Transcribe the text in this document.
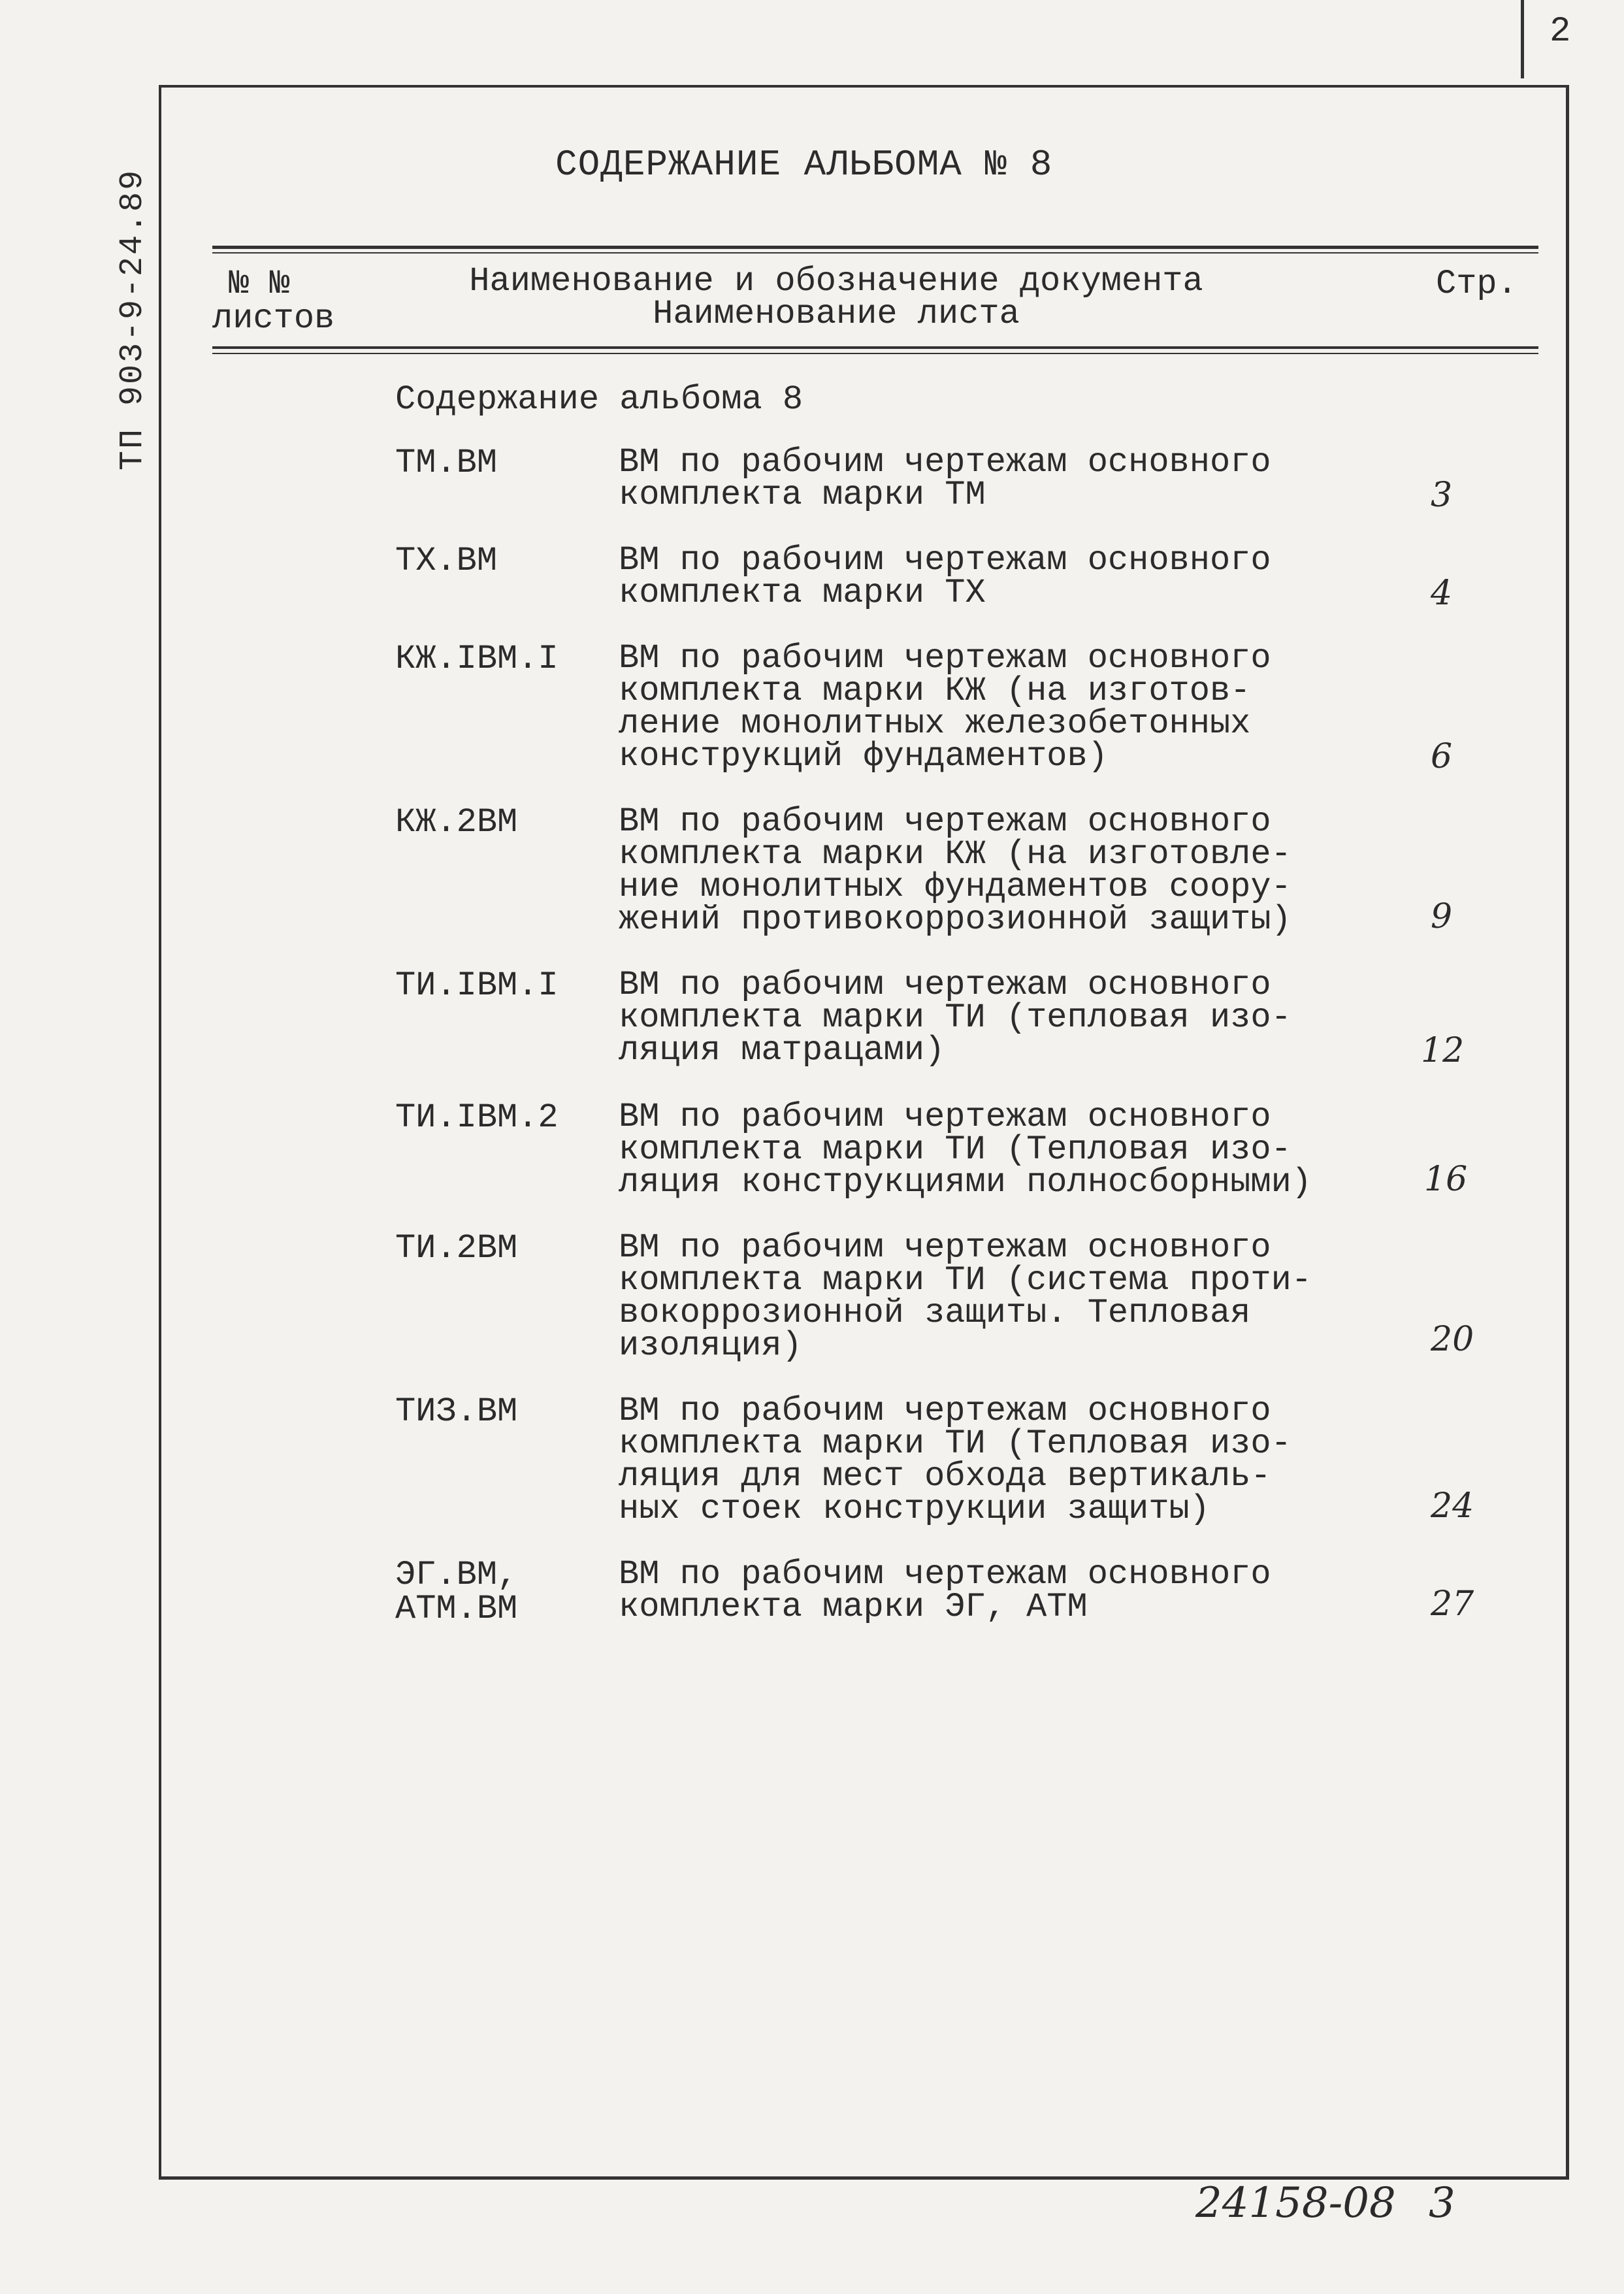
2
ТП 903-9-24.89
СОДЕРЖАНИЕ АЛЬБОМА № 8
№ №
листов
Наименование и обозначение документа
Наименование листа
Стр.
Содержание альбома 8
ТМ.ВМ	ВМ по рабочим чертежам основного
комплекта марки ТМ	3
ТХ.ВМ	ВМ по рабочим чертежам основного
комплекта марки ТХ	4
КЖ.IВМ.I ВМ по рабочим чертежам основного
комплекта марки КЖ (на изготов-
ление монолитных железобетонных
конструкций фундаментов)	6
КЖ.2ВМ	ВМ по рабочим чертежам основного
комплекта марки КЖ (на изготовле-
ние монолитных фундаментов соору-
жений противокоррозионной защиты)	9
ТИ.IВМ.I ВМ по рабочим чертежам основного
комплекта марки ТИ (тепловая изо-
ляция матрацами)	12
ТИ.IВМ.2 ВМ по рабочим чертежам основного
комплекта марки ТИ (Тепловая изо-
ляция конструкциями полносборными)	16
ТИ.2ВМ	ВМ по рабочим чертежам основного
комплекта марки ТИ (система проти-
вокоррозионной защиты. Тепловая
изоляция)	20
ТИЗ.ВМ	ВМ по рабочим чертежам основного
комплекта марки ТИ (Тепловая изо-
ляция для мест обхода вертикаль-
ных стоек конструкции защиты)	24
ЭГ.ВМ,
АТМ.ВМ
ВМ по рабочим чертежам основного
комплекта марки ЭГ, АТМ	27
24158-08 3
